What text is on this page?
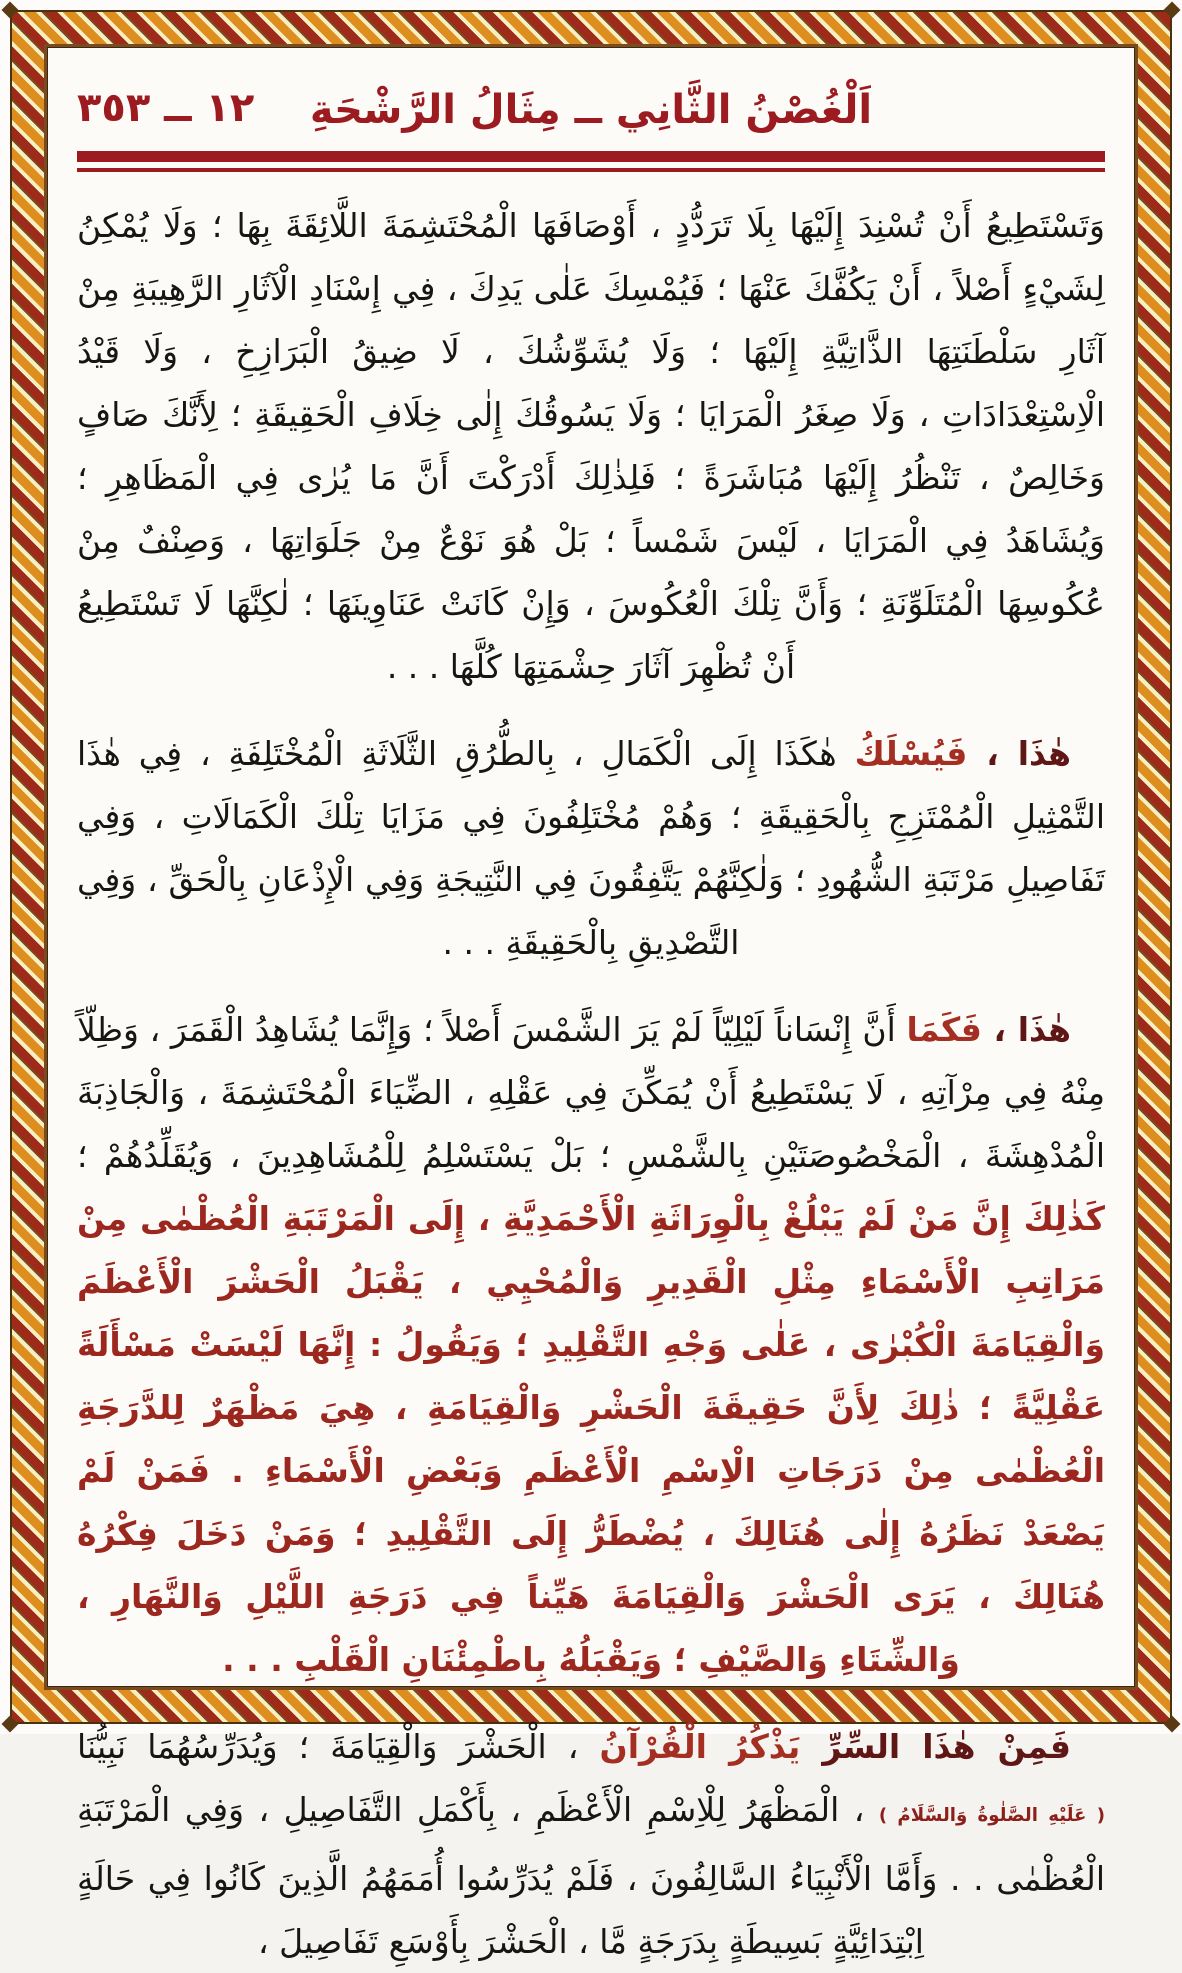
١٢ ــ ٣٥٣	اَلْغُصْنُ الثَّانِي ــ مِثَالُ الرَّشْحَةِ

وَتَسْتَطِيعُ أَنْ تُسْنِدَ إِلَيْهَا بِلَا تَرَدُّدٍ ، أَوْصَافَهَا الْمُحْتَشِمَةَ اللَّائِقَةَ بِهَا ؛ وَلَا يُمْكِنُ لِشَيْءٍ أَصْلاً ، أَنْ يَكُفَّكَ عَنْهَا ؛ فَيُمْسِكَ عَلٰى يَدِكَ ، فِي إِسْنَادِ الْآثَارِ الرَّهِيبَةِ مِنْ آثَارِ سَلْطَنَتِهَا الذَّاتِيَّةِ إِلَيْهَا ؛ وَلَا يُشَوِّشُكَ ، لَا ضِيقُ الْبَرَازِخِ ، وَلَا قَيْدُ الْاِسْتِعْدَادَاتِ ، وَلَا صِغَرُ الْمَرَايَا ؛ وَلَا يَسُوقُكَ إِلٰى خِلَافِ الْحَقِيقَةِ ؛ لِأَنَّكَ صَافٍ وَخَالِصٌ ، تَنْظُرُ إِلَيْهَا مُبَاشَرَةً ؛ فَلِذٰلِكَ أَدْرَكْتَ أَنَّ مَا يُرٰى فِي الْمَظَاهِرِ ؛ وَيُشَاهَدُ فِي الْمَرَايَا ، لَيْسَ شَمْساً ؛ بَلْ هُوَ نَوْعٌ مِنْ جَلَوَاتِهَا ، وَصِنْفٌ مِنْ عُكُوسِهَا الْمُتَلَوِّنَةِ ؛ وَأَنَّ تِلْكَ الْعُكُوسَ ، وَإِنْ كَانَتْ عَنَاوِينَهَا ؛ لٰكِنَّهَا لَا تَسْتَطِيعُ أَنْ تُظْهِرَ آثَارَ حِشْمَتِهَا كُلَّهَا . . .

هٰذَا ، فَيُسْلَكُ هٰكَذَا إِلَى الْكَمَالِ ، بِالطُّرُقِ الثَّلَاثَةِ الْمُخْتَلِفَةِ ، فِي هٰذَا التَّمْثِيلِ الْمُمْتَزِجِ بِالْحَقِيقَةِ ؛ وَهُمْ مُخْتَلِفُونَ فِي مَزَايَا تِلْكَ الْكَمَالَاتِ ، وَفِي تَفَاصِيلِ مَرْتَبَةِ الشُّهُودِ ؛ وَلٰكِنَّهُمْ يَتَّفِقُونَ فِي النَّتِيجَةِ وَفِي الْإِذْعَانِ بِالْحَقِّ ، وَفِي التَّصْدِيقِ بِالْحَقِيقَةِ . . .

هٰذَا ، فَكَمَا أَنَّ إِنْسَاناً لَيْلِيّاً لَمْ يَرَ الشَّمْسَ أَصْلاً ؛ وَإِنَّمَا يُشَاهِدُ الْقَمَرَ ، وَظِلّاً مِنْهُ فِي مِرْآتِهِ ، لَا يَسْتَطِيعُ أَنْ يُمَكِّنَ فِي عَقْلِهِ ، الضِّيَاءَ الْمُحْتَشِمَةَ ، وَالْجَاذِبَةَ الْمُدْهِشَةَ ، الْمَخْصُوصَتَيْنِ بِالشَّمْسِ ؛ بَلْ يَسْتَسْلِمُ لِلْمُشَاهِدِينَ ، وَيُقَلِّدُهُمْ ؛ كَذٰلِكَ إِنَّ مَنْ لَمْ يَبْلُغْ بِالْوِرَاثَةِ الْأَحْمَدِيَّةِ ، إِلَى الْمَرْتَبَةِ الْعُظْمٰى مِنْ مَرَاتِبِ الْأَسْمَاءِ مِثْلِ الْقَدِيرِ وَالْمُحْيِي ، يَقْبَلُ الْحَشْرَ الْأَعْظَمَ وَالْقِيَامَةَ الْكُبْرٰى ، عَلٰى وَجْهِ التَّقْلِيدِ ؛ وَيَقُولُ : إِنَّهَا لَيْسَتْ مَسْأَلَةً عَقْلِيَّةً ؛ ذٰلِكَ لِأَنَّ حَقِيقَةَ الْحَشْرِ وَالْقِيَامَةِ ، هِيَ مَظْهَرٌ لِلدَّرَجَةِ الْعُظْمٰى مِنْ دَرَجَاتِ الْاِسْمِ الْأَعْظَمِ وَبَعْضِ الْأَسْمَاءِ . فَمَنْ لَمْ يَصْعَدْ نَظَرُهُ إِلٰى هُنَالِكَ ، يُضْطَرُّ إِلَى التَّقْلِيدِ ؛ وَمَنْ دَخَلَ فِكْرُهُ هُنَالِكَ ، يَرَى الْحَشْرَ وَالْقِيَامَةَ هَيِّناً فِي دَرَجَةِ اللَّيْلِ وَالنَّهَارِ ، وَالشِّتَاءِ وَالصَّيْفِ ؛ وَيَقْبَلُهُ بِاطْمِئْنَانِ الْقَلْبِ . . .

فَمِنْ هٰذَا السِّرِّ يَذْكُرُ الْقُرْآنُ ، الْحَشْرَ وَالْقِيَامَةَ ؛ وَيُدَرِّسُهُمَا نَبِيُّنَا ( عَلَيْهِ الصَّلٰوةُ وَالسَّلَامُ ) ، الْمَظْهَرُ لِلْاِسْمِ الْأَعْظَمِ ، بِأَكْمَلِ التَّفَاصِيلِ ، وَفِي الْمَرْتَبَةِ الْعُظْمٰى . . وَأَمَّا الْأَنْبِيَاءُ السَّالِفُونَ ، فَلَمْ يُدَرِّسُوا أُمَمَهُمُ الَّذِينَ كَانُوا فِي حَالَةٍ اِبْتِدَائِيَّةٍ بَسِيطَةٍ بِدَرَجَةٍ مَّا ، الْحَشْرَ بِأَوْسَعِ تَفَاصِيلَ ،
